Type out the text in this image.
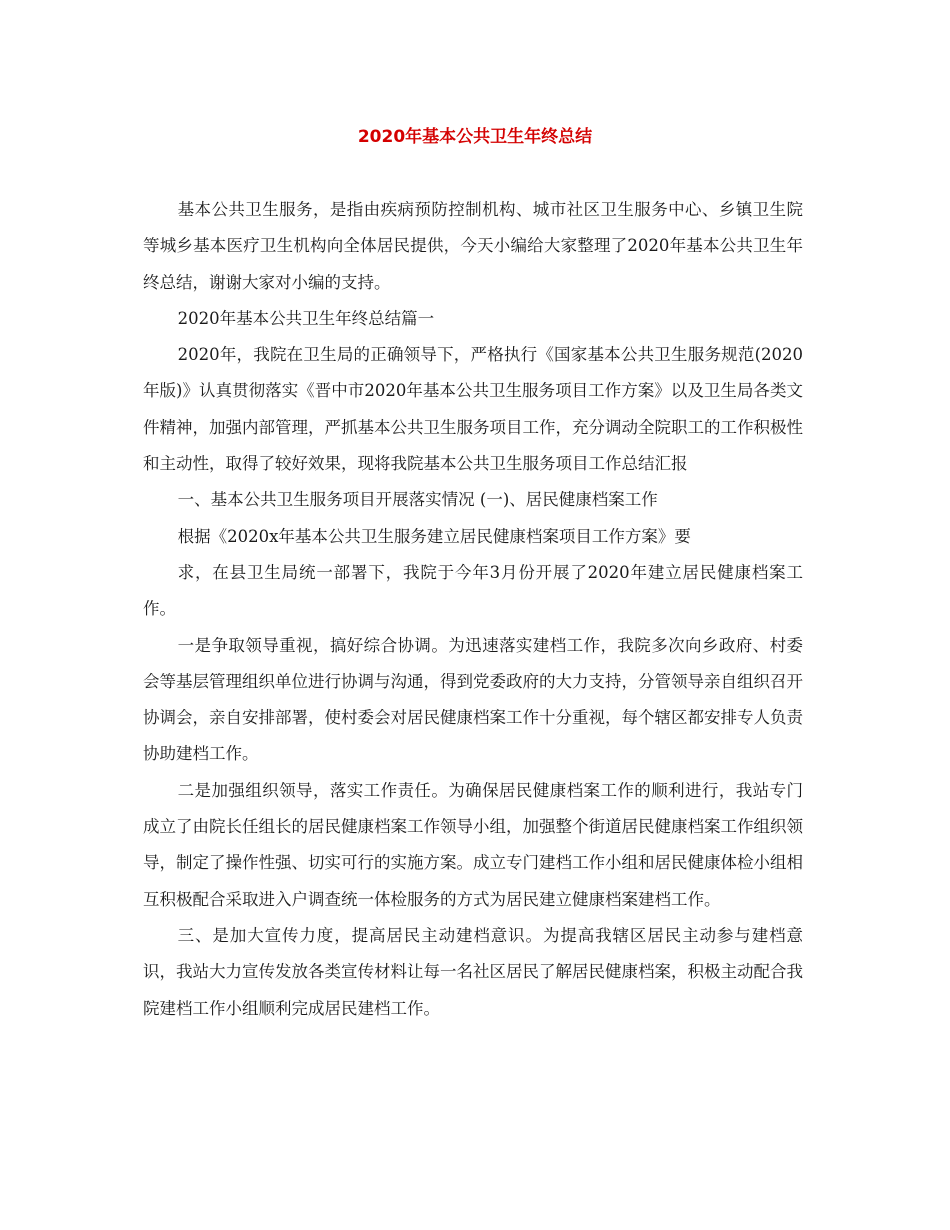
2020年基本公共卫生年终总结

基本公共卫生服务，是指由疾病预防控制机构、城市社区卫生服务中心、乡镇卫生院等城乡基本医疗卫生机构向全体居民提供，今天小编给大家整理了2020年基本公共卫生年终总结，谢谢大家对小编的支持。

2020年基本公共卫生年终总结篇一

2020年，我院在卫生局的正确领导下，严格执行《国家基本公共卫生服务规范(2020年版)》认真贯彻落实《晋中市2020年基本公共卫生服务项目工作方案》以及卫生局各类文件精神，加强内部管理，严抓基本公共卫生服务项目工作，充分调动全院职工的工作积极性和主动性，取得了较好效果，现将我院基本公共卫生服务项目工作总结汇报

一、基本公共卫生服务项目开展落实情况 (一)、居民健康档案工作

根据《2020x年基本公共卫生服务建立居民健康档案项目工作方案》要

求，在县卫生局统一部署下，我院于今年3月份开展了2020年建立居民健康档案工作。

一是争取领导重视，搞好综合协调。为迅速落实建档工作，我院多次向乡政府、村委会等基层管理组织单位进行协调与沟通，得到党委政府的大力支持，分管领导亲自组织召开协调会，亲自安排部署，使村委会对居民健康档案工作十分重视，每个辖区都安排专人负责协助建档工作。

二是加强组织领导，落实工作责任。为确保居民健康档案工作的顺利进行，我站专门成立了由院长任组长的居民健康档案工作领导小组，加强整个街道居民健康档案工作组织领导，制定了操作性强、切实可行的实施方案。成立专门建档工作小组和居民健康体检小组相互积极配合采取进入户调查统一体检服务的方式为居民建立健康档案建档工作。

三、是加大宣传力度，提高居民主动建档意识。为提高我辖区居民主动参与建档意识，我站大力宣传发放各类宣传材料让每一名社区居民了解居民健康档案，积极主动配合我院建档工作小组顺利完成居民建档工作。
